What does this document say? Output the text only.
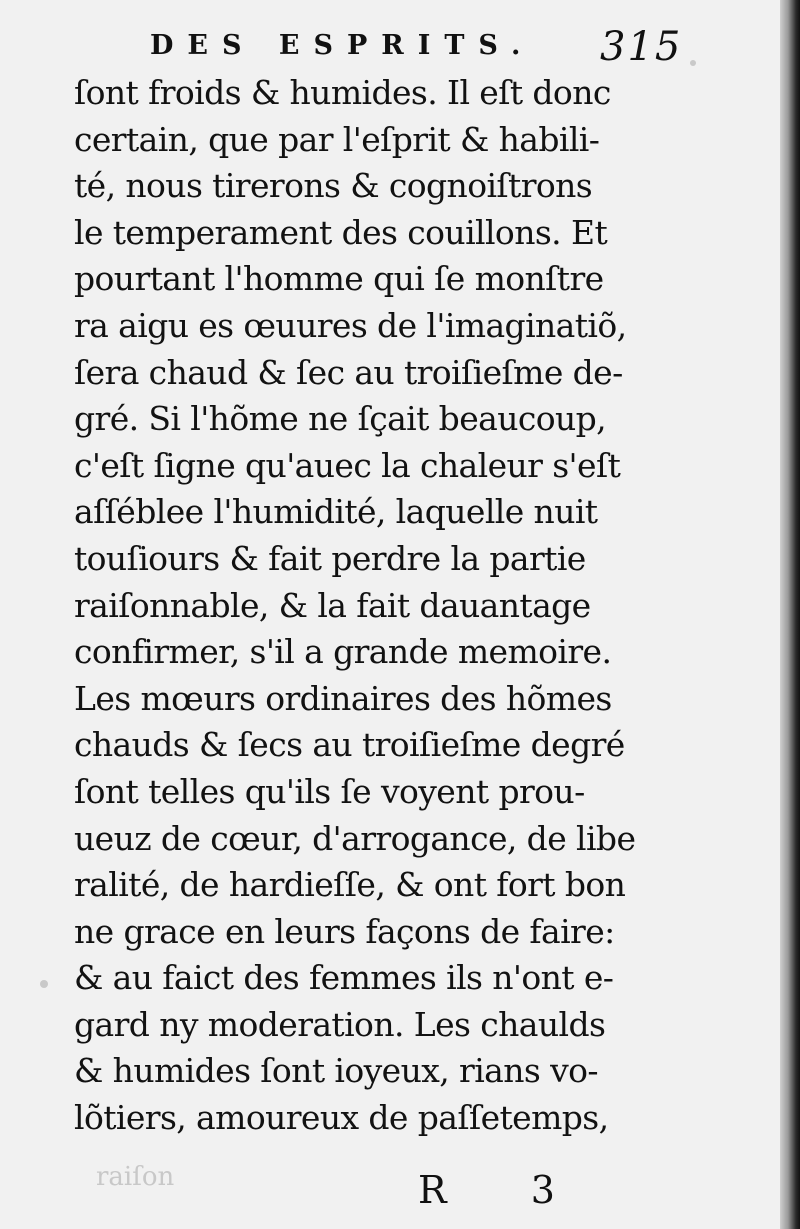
DES ESPRITS. 315
ſont froids & humides. Il eſt donc
certain, que par l'eſprit & habili-
té, nous tirerons & cognoiſtrons
le temperament des couillons. Et
pourtant l'homme qui ſe monſtre
ra aigu es œuures de l'imaginatiõ,
ſera chaud & ſec au troiſieſme de-
gré. Si l'hõme ne ſçait beaucoup,
c'eſt ſigne qu'auec la chaleur s'eſt
aſſéblee l'humidité, laquelle nuit
touſiours & fait perdre la partie
raiſonnable, & la fait dauantage
confirmer, s'il a grande memoire.
Les mœurs ordinaires des hõmes
chauds & ſecs au troiſieſme degré
ſont telles qu'ils ſe voyent prou-
ueuz de cœur, d'arrogance, de libe
ralité, de hardieſſe, & ont fort bon
ne grace en leurs façons de faire:
& au faict des femmes ils n'ont e-
gard ny moderation. Les chaulds
& humides ſont ioyeux, rians vo-
lõtiers, amoureux de paſſetemps,
raiſon	R 3
